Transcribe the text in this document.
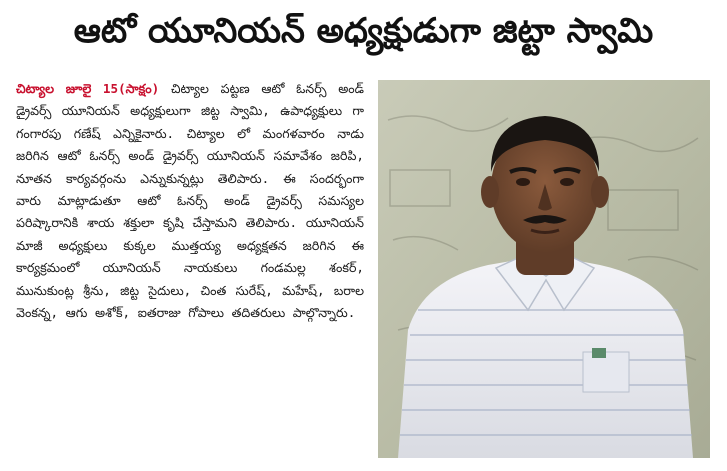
ఆటో యూనియన్ అధ్యక్షుడుగా జిట్టా స్వామి

చిట్యాల జూలై 15(సాక్షం) చిట్యాల పట్టణ ఆటో ఓనర్స్ అండ్ డ్రైవర్స్ యూనియన్ అధ్యక్షులుగా జిట్ట స్వామి, ఉపాధ్యక్షులు గా గంగారపు గణేష్ ఎన్నికైనారు. చిట్యాల లో మంగళవారం నాడు జరిగిన ఆటో ఓనర్స్ అండ్ డ్రైవర్స్ యూనియన్ సమావేశం జరిపి, నూతన కార్యవర్గంను ఎన్నుకున్నట్లు తెలిపారు. ఈ సందర్భంగా వారు మాట్లాడుతూ ఆటో ఓనర్స్ అండ్ డ్రైవర్స్ సమస్యల పరిష్కారానికి శాయ శక్తులా కృషి చేస్తామని తెలిపారు. యూనియన్ మాజీ అధ్యక్షులు కుక్కల ముత్తయ్య అధ్యక్షతన జరిగిన ఈ కార్యక్రమంలో యూనియన్ నాయకులు గండమల్ల శంకర్, మునుకుంట్ల శ్రీను, జిట్ట సైదులు, చింత సురేష్, మహేష్, బరాల వెంకన్న, ఆగు అశోక్, ఐతరాజు గోపాలు తదితరులు పాల్గొన్నారు.
